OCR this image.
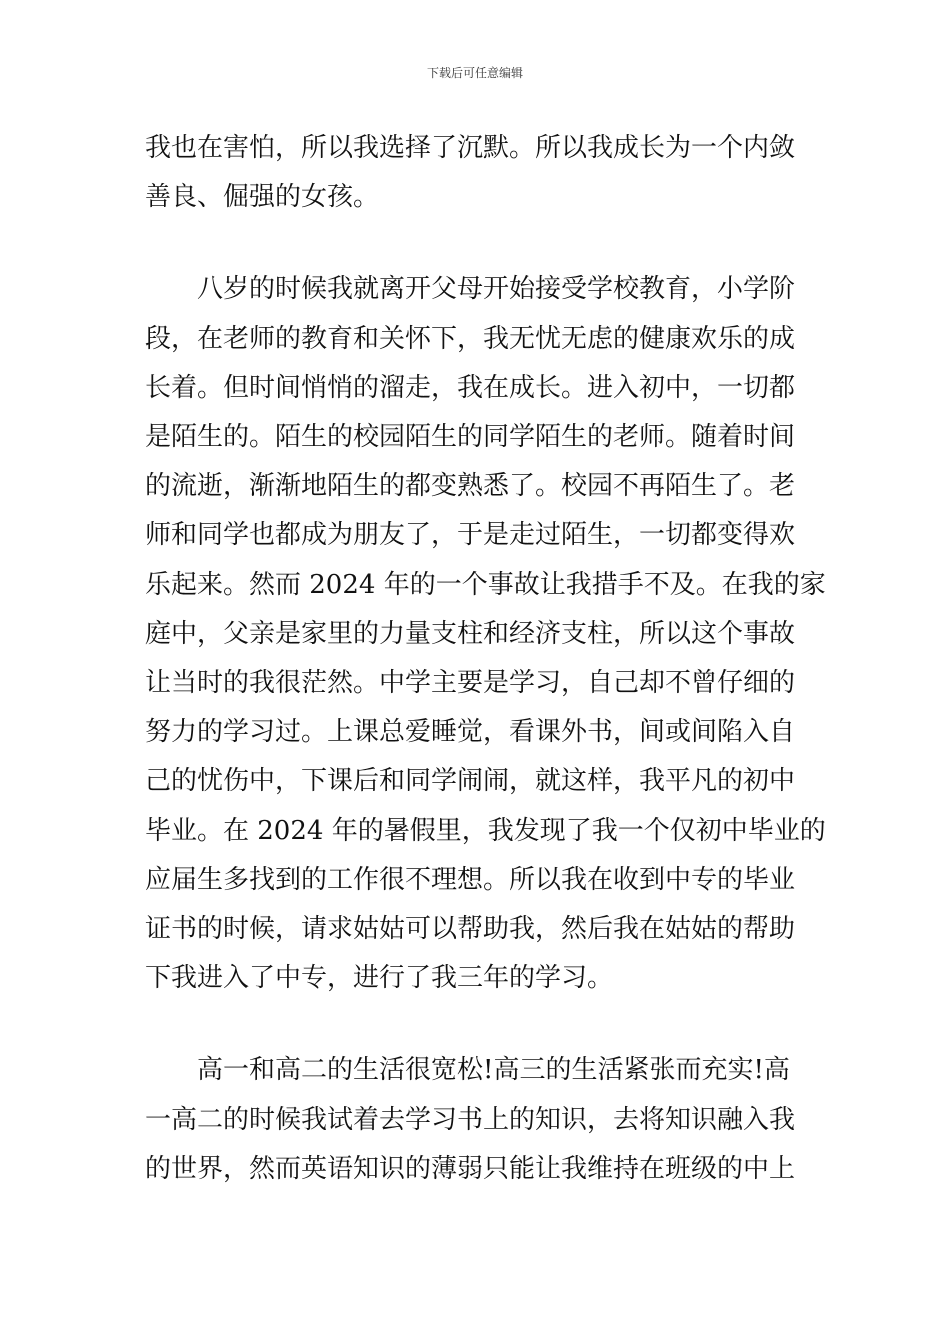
下载后可任意编辑

我也在害怕，所以我选择了沉默。所以我成长为一个内敛
善良、倔强的女孩。

八岁的时候我就离开父母开始接受学校教育，小学阶
段，在老师的教育和关怀下，我无忧无虑的健康欢乐的成
长着。但时间悄悄的溜走，我在成长。进入初中，一切都
是陌生的。陌生的校园陌生的同学陌生的老师。随着时间
的流逝，渐渐地陌生的都变熟悉了。校园不再陌生了。老
师和同学也都成为朋友了，于是走过陌生，一切都变得欢
乐起来。然而 2024 年的一个事故让我措手不及。在我的家
庭中，父亲是家里的力量支柱和经济支柱，所以这个事故
让当时的我很茫然。中学主要是学习，自己却不曾仔细的
努力的学习过。上课总爱睡觉，看课外书，间或间陷入自
己的忧伤中，下课后和同学闹闹，就这样，我平凡的初中
毕业。在 2024 年的暑假里，我发现了我一个仅初中毕业的
应届生多找到的工作很不理想。所以我在收到中专的毕业
证书的时候，请求姑姑可以帮助我，然后我在姑姑的帮助
下我进入了中专，进行了我三年的学习。

高一和高二的生活很宽松!高三的生活紧张而充实!高
一高二的时候我试着去学习书上的知识，去将知识融入我
的世界，然而英语知识的薄弱只能让我维持在班级的中上
